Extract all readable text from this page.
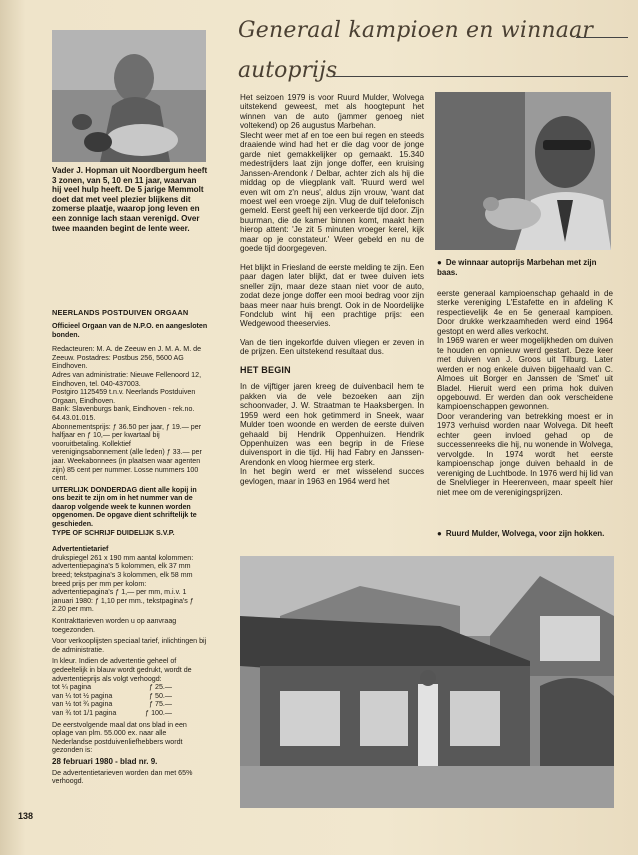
Generaal kampioen en winnaar
autoprijs
Vader J. Hopman uit Noordbergum heeft 3 zonen, van 5, 10 en 11 jaar, waarvan hij veel hulp heeft. De 5 jarige Memmolt doet dat met veel plezier blijkens dit zomerse plaatje, waarop jong leven en een zonnige lach staan verenigd. Over twee maanden begint de lente weer.
NEERLANDS POSTDUIVEN ORGAAN
Officieel Orgaan van de N.P.O. en aangesloten bonden.
Redacteuren: M. A. de Zeeuw en J. M. A. M. de Zeeuw. Postadres: Postbus 256, 5600 AG Eindhoven.
Adres van administratie: Nieuwe Fellenoord 12, Eindhoven, tel. 040-437003.
Postgiro 1125459 t.n.v. Neerlands Postduiven Orgaan, Eindhoven.
Bank: Slavenburgs bank, Eindhoven - rek.no. 64.43.01.015.
Abonnementsprijs: ƒ 36.50 per jaar, ƒ 19.— per halfjaar en ƒ 10,— per kwartaal bij vooruitbetaling. Kollektief verenigingsabonnement (alle leden) ƒ 33.— per jaar. Weekabonnees (in plaatsen waar agenten zijn) 85 cent per nummer. Losse nummers 100 cent.
UITERLIJK DONDERDAG dient alle kopij in ons bezit te zijn om in het nummer van de daarop volgende week te kunnen worden opgenomen. De opgave dient schriftelijk te geschieden.
TYPE OF SCHRIJF DUIDELIJK S.V.P.
Advertentietarief
drukspiegel 261 x 190 mm aantal kolommen: advertentiepagina's 5 kolommen, elk 37 mm breed; tekstpagina's 3 kolommen, elk 58 mm breed prijs per mm per kolom: advertentiepagina's ƒ 1,— per mm, m.i.v. 1 januari 1980: ƒ 1,10 per mm., tekstpagina's ƒ 2.20 per mm.
Kontrakttarieven worden u op aanvraag toegezonden.
Voor verkooplijsten speciaal tarief, inlichtingen bij de administratie.
In kleur. Indien de advertentie geheel of gedeeltelijk in blauw wordt gedrukt, wordt de advertentieprijs als volgt verhoogd:
tot ¼ pagina	ƒ 25.—
van ¼ tot ½ pagina	ƒ 50.—
van ½ tot ¾ pagina	ƒ 75.—
van ¾ tot 1/1 pagina	ƒ 100.—
De eerstvolgende maal dat ons blad in een oplage van plm. 55.000 ex. naar alle Nederlandse postduivenliefhebbers wordt gezonden is:
28 februari 1980 - blad nr. 9.
De advertentietarieven worden dan met 65% verhoogd.

Het seizoen 1979 is voor Ruurd Mulder, Wolvega uitstekend geweest, met als hoogtepunt het winnen van de auto (jammer genoeg niet voltekend) op 26 augustus Marbehan.

Slecht weer met af en toe een bui regen en steeds draaiende wind had het er die dag voor de jonge garde niet gemakkelijker op gemaakt. 15.340 medestrijders laat zijn jonge doffer, een kruising Janssen-Arendonk / Delbar, achter zich als hij die middag op de vliegplank valt. 'Ruurd werd wel even wit om z'n neus', aldus zijn vrouw, 'want dat moest wel een vroege zijn. Vlug de duif telefonisch gemeld. Eerst geeft hij een verkeerde tijd door. Zijn buurman, die de kamer binnen komt, maakt hem hierop attent: 'Je zit 5 minuten vroeger kerel, kijk maar op je constateur.' Weer gebeld en nu de goede tijd doorgegeven.

Het blijkt in Friesland de eerste melding te zijn. Een paar dagen later blijkt, dat er twee duiven iets sneller zijn, maar deze staan niet voor de auto, zodat deze jonge doffer een mooi bedrag voor zijn baas meer naar huis brengt. Ook in de Noordelijke Fondclub wint hij een prachtige prijs: een Wedgewood theeservies.

Van de tien ingekorfde duiven vliegen er zeven in de prijzen. Een uitstekend resultaat dus.

HET BEGIN

In de vijftiger jaren kreeg de duivenbacil hem te pakken via de vele bezoeken aan zijn schoonvader, J. W. Straatman te Haaksbergen. In 1959 werd een hok getimmerd in Sneek, waar Mulder toen woonde en werden de eerste duiven gehaald bij Hendrik Oppenhuizen. Hendrik Oppenhuizen was een begrip in de Friese duivensport in die tijd. Hij had Fabry en Janssen-Arendonk en vloog hiermee erg sterk.

In het begin werd er met wisselend succes gevlogen, maar in 1963 en 1964 werd het

● De winnaar autoprijs Marbehan met zijn baas.

eerste generaal kampioenschap gehaald in de sterke vereniging L'Estafette en in afdeling K respectievelijk 4e en 5e generaal kampioen. Door drukke werkzaamheden werd eind 1964 gestopt en werd alles verkocht.

In 1969 waren er weer mogelijkheden om duiven te houden en opnieuw werd gestart. Deze keer met duiven van J. Groos uit Tilburg. Later werden er nog enkele duiven bijgehaald van C. Almoes uit Borger en Janssen de 'Smet' uit Bladel. Hieruit werd een prima hok duiven opgebouwd. Er werden dan ook verscheidene kampioenschappen gewonnen.

Door verandering van betrekking moest er in 1973 verhuisd worden naar Wolvega. Dit heeft echter geen invloed gehad op de successenreeks die hij, nu wonende in Wolvega, vervolgde. In 1974 wordt het eerste kampioenschap jonge duiven behaald in de vereniging de Luchtbode. In 1976 werd hij lid van de Snelvlieger in Heerenveen, maar speelt hier niet mee om de verenigingsprijzen.

● Ruurd Mulder, Wolvega, voor zijn hokken.
138
